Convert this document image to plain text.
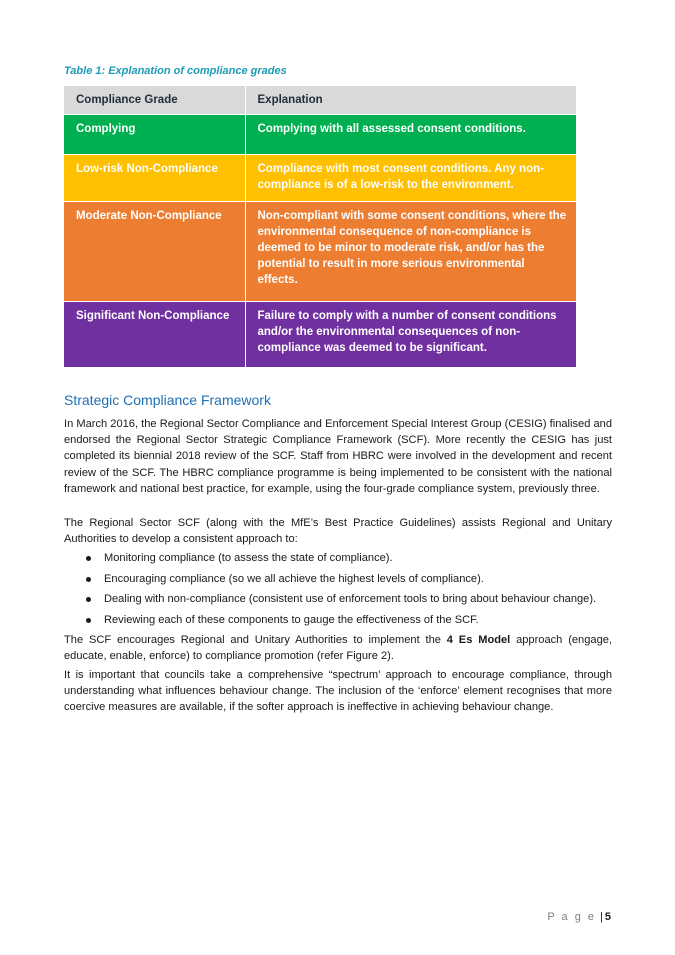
Table 1: Explanation of compliance grades
Compliance Grade	Explanation
Complying	Complying with all assessed consent conditions.
Low-risk Non-Compliance	Compliance with most consent conditions. Any non-compliance is of a low-risk to the environment.
Moderate Non-Compliance	Non-compliant with some consent conditions, where the environmental consequence of non-compliance is deemed to be minor to moderate risk, and/or has the potential to result in more serious environmental effects.
Significant Non-Compliance	Failure to comply with a number of consent conditions and/or the environmental consequences of non-compliance was deemed to be significant.
Strategic Compliance Framework

In March 2016, the Regional Sector Compliance and Enforcement Special Interest Group (CESIG) finalised and endorsed the Regional Sector Strategic Compliance Framework (SCF). More recently the CESIG has just completed its biennial 2018 review of the SCF. Staff from HBRC were involved in the development and recent review of the SCF. The HBRC compliance programme is being implemented to be consistent with the national framework and national best practice, for example, using the four-grade compliance system, previously three.

The Regional Sector SCF (along with the MfE’s Best Practice Guidelines) assists Regional and Unitary Authorities to develop a consistent approach to:

Monitoring compliance (to assess the state of compliance).
Encouraging compliance (so we all achieve the highest levels of compliance).
Dealing with non-compliance (consistent use of enforcement tools to bring about behaviour change).
Reviewing each of these components to gauge the effectiveness of the SCF.

The SCF encourages Regional and Unitary Authorities to implement the 4 Es Model approach (engage, educate, enable, enforce) to compliance promotion (refer Figure 2).

It is important that councils take a comprehensive “spectrum’ approach to encourage compliance, through understanding what influences behaviour change. The inclusion of the ‘enforce’ element recognises that more coercive measures are available, if the softer approach is ineffective in achieving behaviour change.

P a g e | 5
